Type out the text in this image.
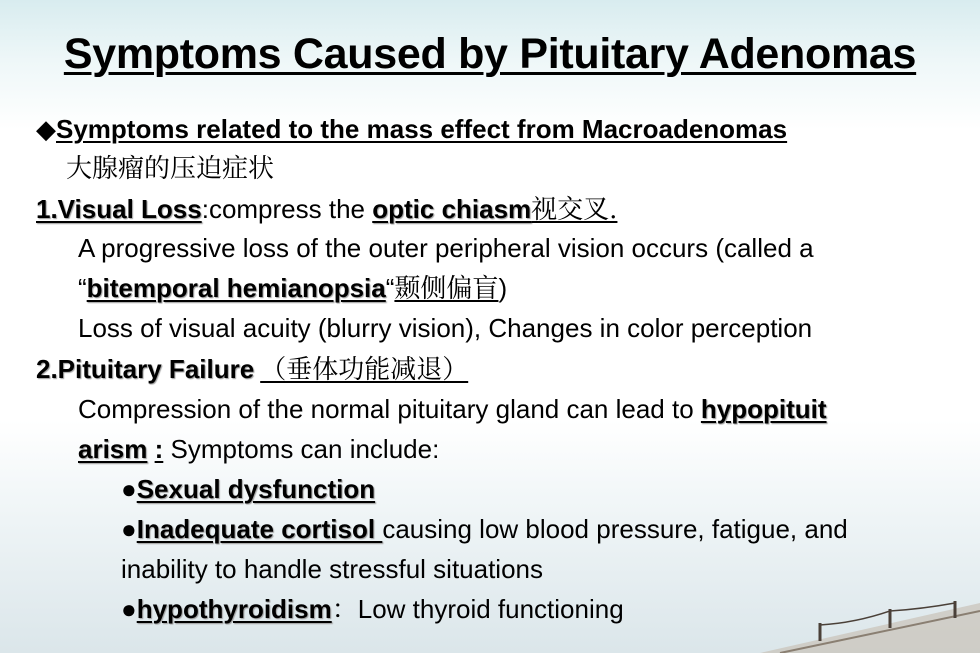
Symptoms Caused by Pituitary Adenomas
◆Symptoms related to the mass effect from Macroadenomas
大腺瘤的压迫症状
1.Visual Loss:compress the optic chiasm视交叉.
A progressive loss of the outer peripheral vision occurs (called a
“bitemporal hemianopsia“颞侧偏盲)
Loss of visual acuity (blurry vision), Changes in color perception
2.Pituitary Failure （垂体功能减退）
Compression of the normal pituitary gland can lead to hypopituit
arism : Symptoms can include:
●Sexual dysfunction
●Inadequate cortisol causing low blood pressure, fatigue, and
inability to handle stressful situations
●hypothyroidism：Low thyroid functioning
